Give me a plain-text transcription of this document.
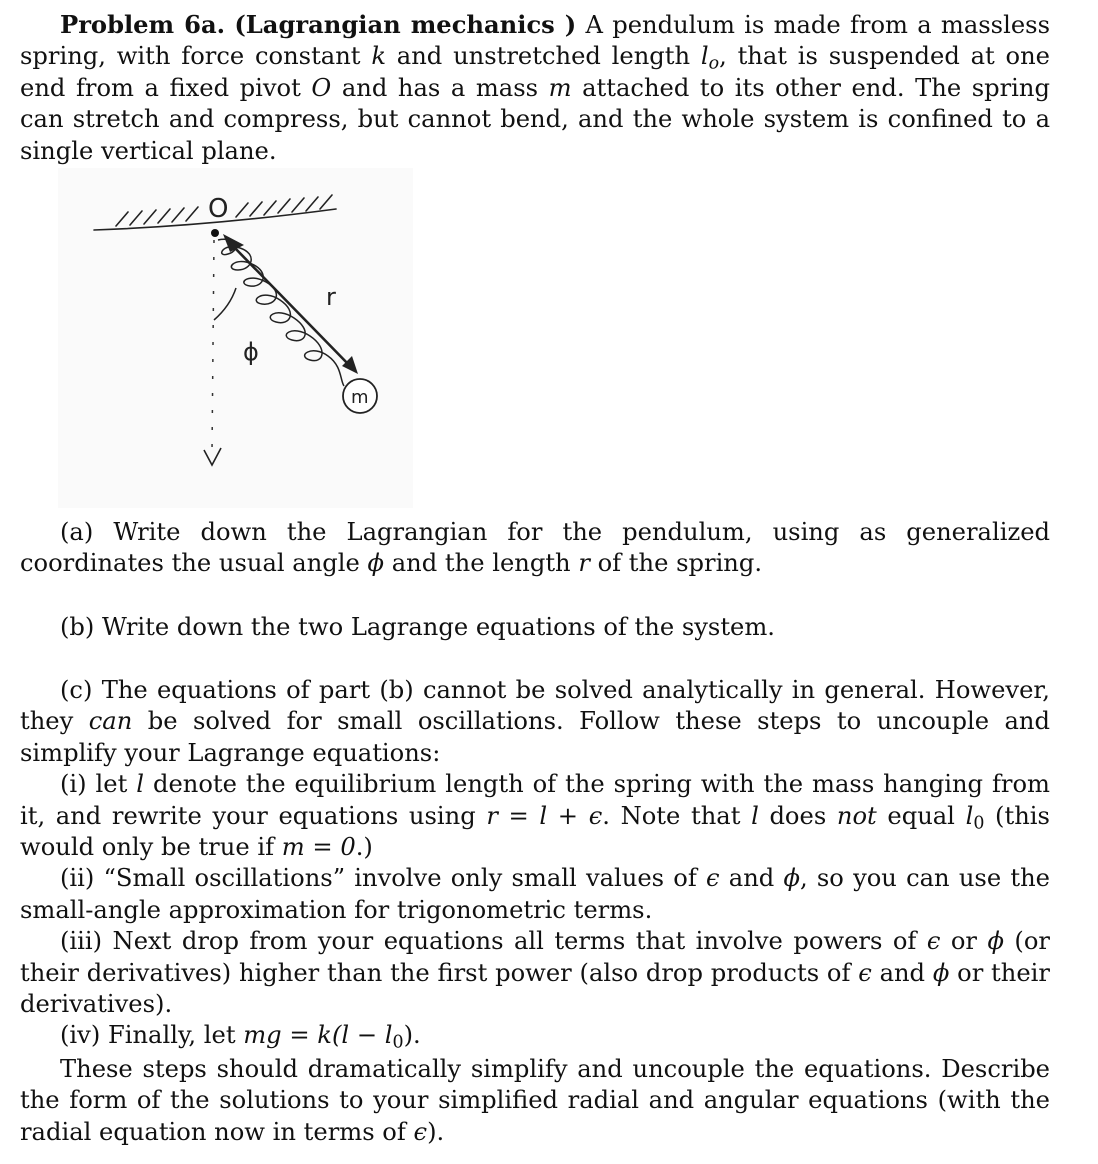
Problem 6a. (Lagrangian mechanics ) A pendulum is made from a massless spring, with force constant k and unstretched length $l_o$, that is suspended at one end from a fixed pivot O and has a mass m attached to its other end. The spring can stretch and compress, but cannot bend, and the whole system is confined to a single vertical plane.

O
r
ϕ
m

(a) Write down the Lagrangian for the pendulum, using as generalized coordinates the usual angle ϕ and the length r of the spring.

(b) Write down the two Lagrange equations of the system.

(c) The equations of part (b) cannot be solved analytically in general. However, they can be solved for small oscillations. Follow these steps to uncouple and simplify your Lagrange equations:

(i) let l denote the equilibrium length of the spring with the mass hanging from it, and rewrite your equations using r = l + ϵ. Note that l does not equal $l_0$ (this would only be true if m = 0.)

(ii) “Small oscillations” involve only small values of ϵ and ϕ, so you can use the small-angle approximation for trigonometric terms.

(iii) Next drop from your equations all terms that involve powers of ϵ or ϕ (or their derivatives) higher than the first power (also drop products of ϵ and ϕ or their derivatives).

(iv) Finally, let mg = $k(l - l_0)$.

These steps should dramatically simplify and uncouple the equations. Describe the form of the solutions to your simplified radial and angular equations (with the radial equation now in terms of ϵ).
